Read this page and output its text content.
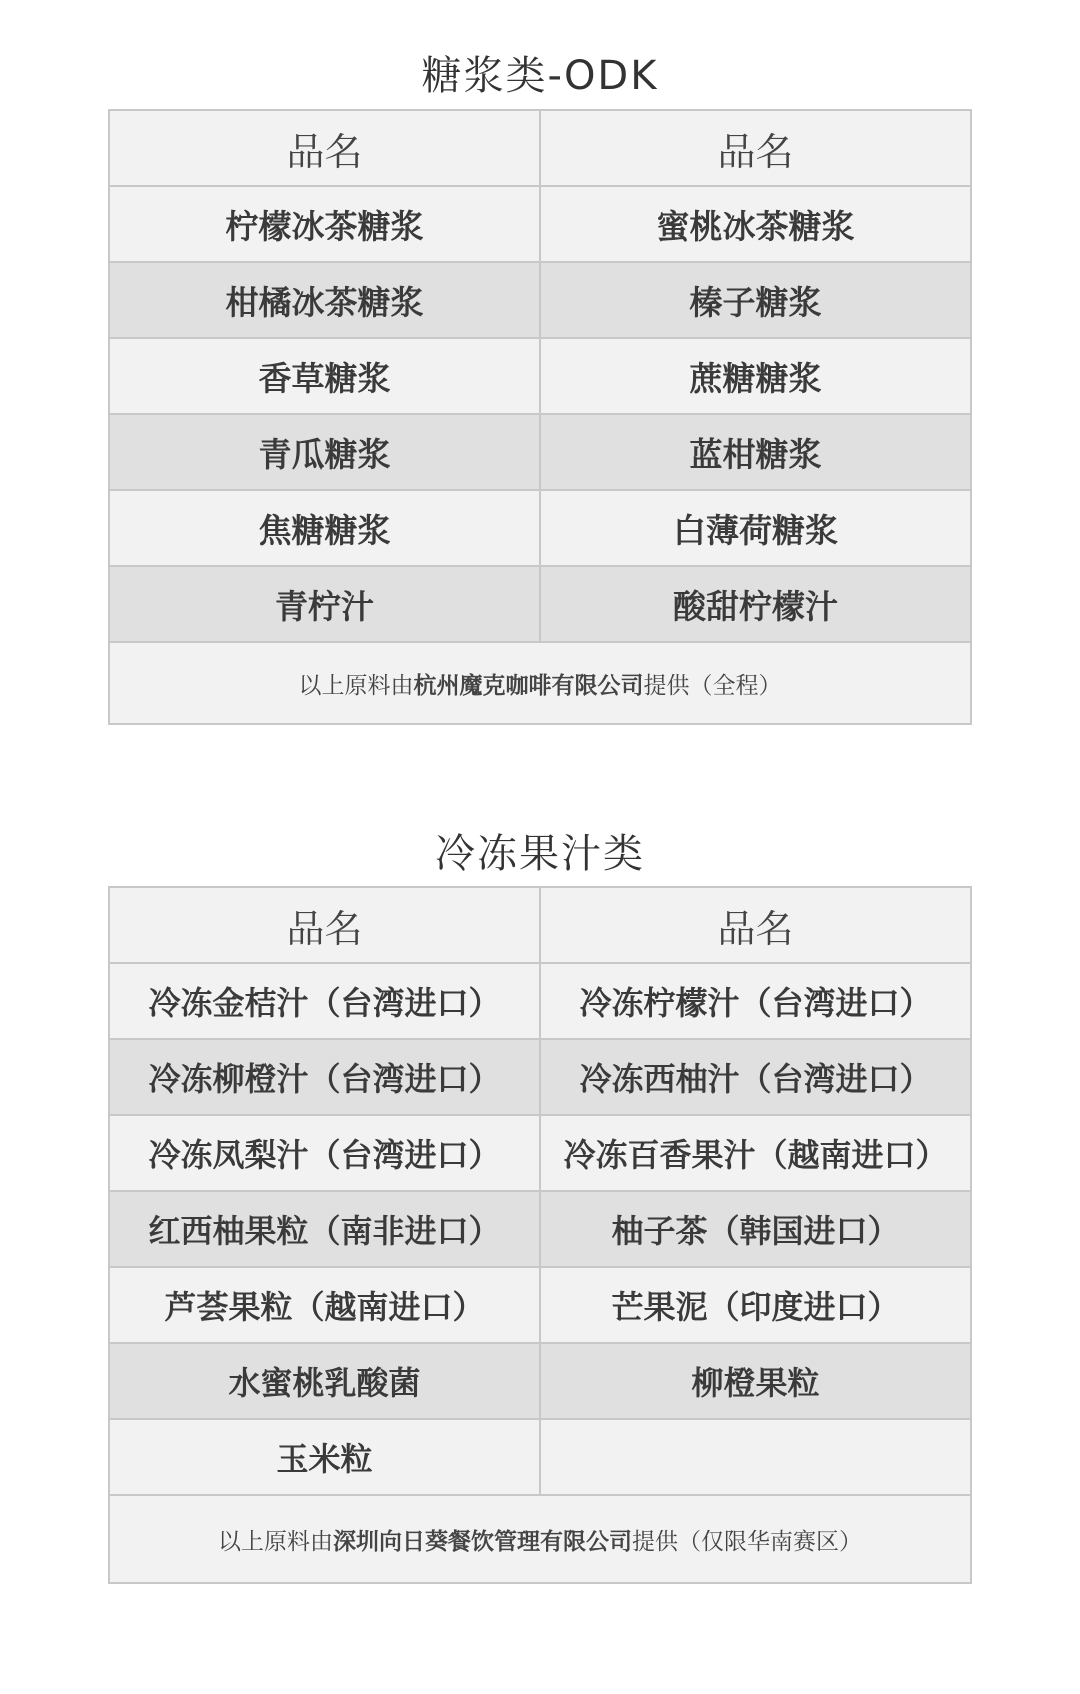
糖浆类-ODK
品名	品名
柠檬冰茶糖浆	蜜桃冰茶糖浆
柑橘冰茶糖浆	榛子糖浆
香草糖浆	蔗糖糖浆
青瓜糖浆	蓝柑糖浆
焦糖糖浆	白薄荷糖浆
青柠汁	酸甜柠檬汁
以上原料由杭州魔克咖啡有限公司提供（全程）	
冷冻果汁类
品名	品名
冷冻金桔汁（台湾进口）	冷冻柠檬汁（台湾进口）
冷冻柳橙汁（台湾进口）	冷冻西柚汁（台湾进口）
冷冻凤梨汁（台湾进口）	冷冻百香果汁（越南进口）
红西柚果粒（南非进口）	柚子茶（韩国进口）
芦荟果粒（越南进口）	芒果泥（印度进口）
水蜜桃乳酸菌	柳橙果粒
玉米粒	
以上原料由深圳向日葵餐饮管理有限公司提供（仅限华南赛区）	
